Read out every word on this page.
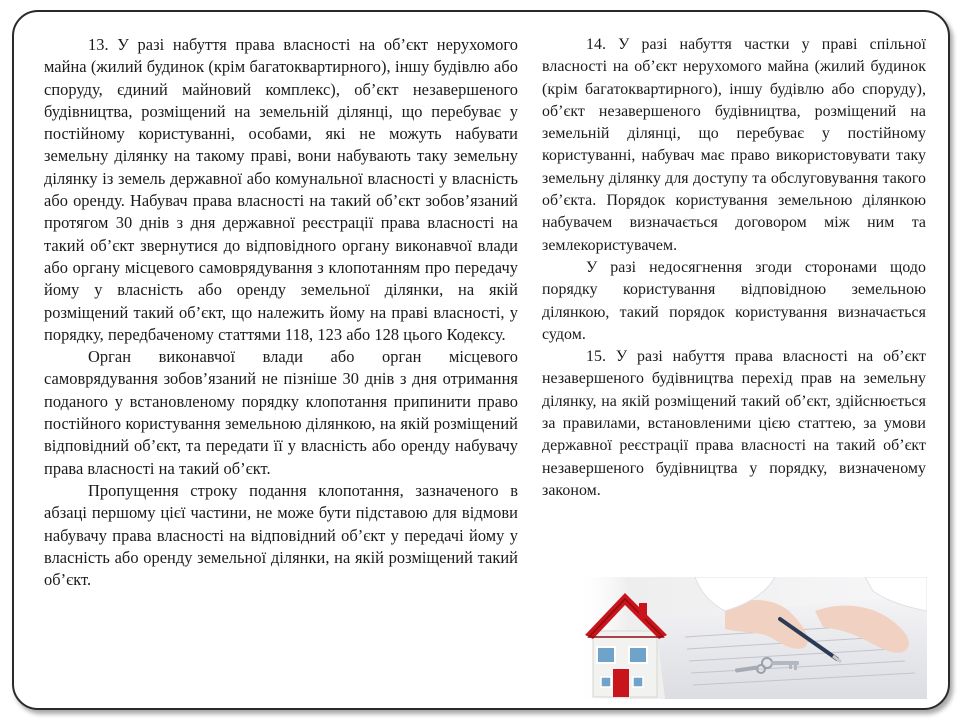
13. У разі набуття права власності на об’єкт нерухомого майна (жилий будинок (крім багатоквартирного), іншу будівлю або споруду, єдиний майновий комплекс), об’єкт незавершеного будівництва, розміщений на земельній ділянці, що перебуває у постійному користуванні, особами, які не можуть набувати земельну ділянку на такому праві, вони набувають таку земельну ділянку із земель державної або комунальної власності у власність або оренду. Набувач права власності на такий об’єкт зобов’язаний протягом 30 днів з дня державної реєстрації права власності на такий об’єкт звернутися до відповідного органу виконавчої влади або органу місцевого самоврядування з клопотанням про передачу йому у власність або оренду земельної ділянки, на якій розміщений такий об’єкт, що належить йому на праві власності, у порядку, передбаченому статтями 118, 123 або 128 цього Кодексу.

Орган виконавчої влади або орган місцевого самоврядування зобов’язаний не пізніше 30 днів з дня отримання поданого у встановленому порядку клопотання припинити право постійного користування земельною ділянкою, на якій розміщений відповідний об’єкт, та передати її у власність або оренду набувачу права власності на такий об’єкт.

Пропущення строку подання клопотання, зазначеного в абзаці першому цієї частини, не може бути підставою для відмови набувачу права власності на відповідний об’єкт у передачі йому у власність або оренду земельної ділянки, на якій розміщений такий об’єкт.

14. У разі набуття частки у праві спільної власності на об’єкт нерухомого майна (жилий будинок (крім багатоквартирного), іншу будівлю або споруду), об’єкт незавершеного будівництва, розміщений на земельній ділянці, що перебуває у постійному користуванні, набувач має право використовувати таку земельну ділянку для доступу та обслуговування такого об’єкта. Порядок користування земельною ділянкою набувачем визначається договором між ним та землекористувачем.

У разі недосягнення згоди сторонами щодо порядку користування відповідною земельною ділянкою, такий порядок користування визначається судом.

15. У разі набуття права власності на об’єкт незавершеного будівництва перехід прав на земельну ділянку, на якій розміщений такий об’єкт, здійснюється за правилами, встановленими цією статтею, за умови державної реєстрації права власності на такий об’єкт незавершеного будівництва у порядку, визначеному законом.
